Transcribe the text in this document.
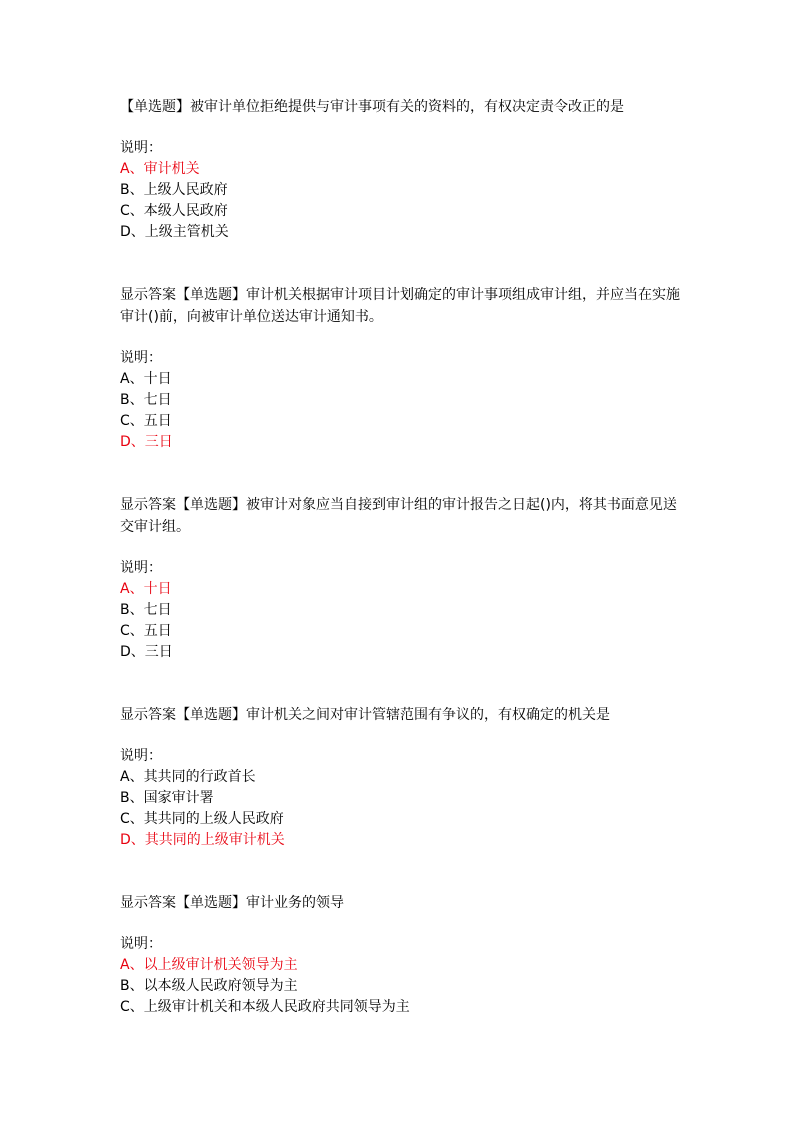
【单选题】被审计单位拒绝提供与审计事项有关的资料的，有权决定责令改正的是

说明：

A、审计机关

B、上级人民政府

C、本级人民政府

D、上级主管机关

显示答案【单选题】审计机关根据审计项目计划确定的审计事项组成审计组，并应当在实施审计()前，向被审计单位送达审计通知书。

说明：

A、十日

B、七日

C、五日

D、三日

显示答案【单选题】被审计对象应当自接到审计组的审计报告之日起()内，将其书面意见送交审计组。

说明：

A、十日

B、七日

C、五日

D、三日

显示答案【单选题】审计机关之间对审计管辖范围有争议的，有权确定的机关是

说明：

A、其共同的行政首长

B、国家审计署

C、其共同的上级人民政府

D、其共同的上级审计机关

显示答案【单选题】审计业务的领导

说明：

A、以上级审计机关领导为主

B、以本级人民政府领导为主

C、上级审计机关和本级人民政府共同领导为主
